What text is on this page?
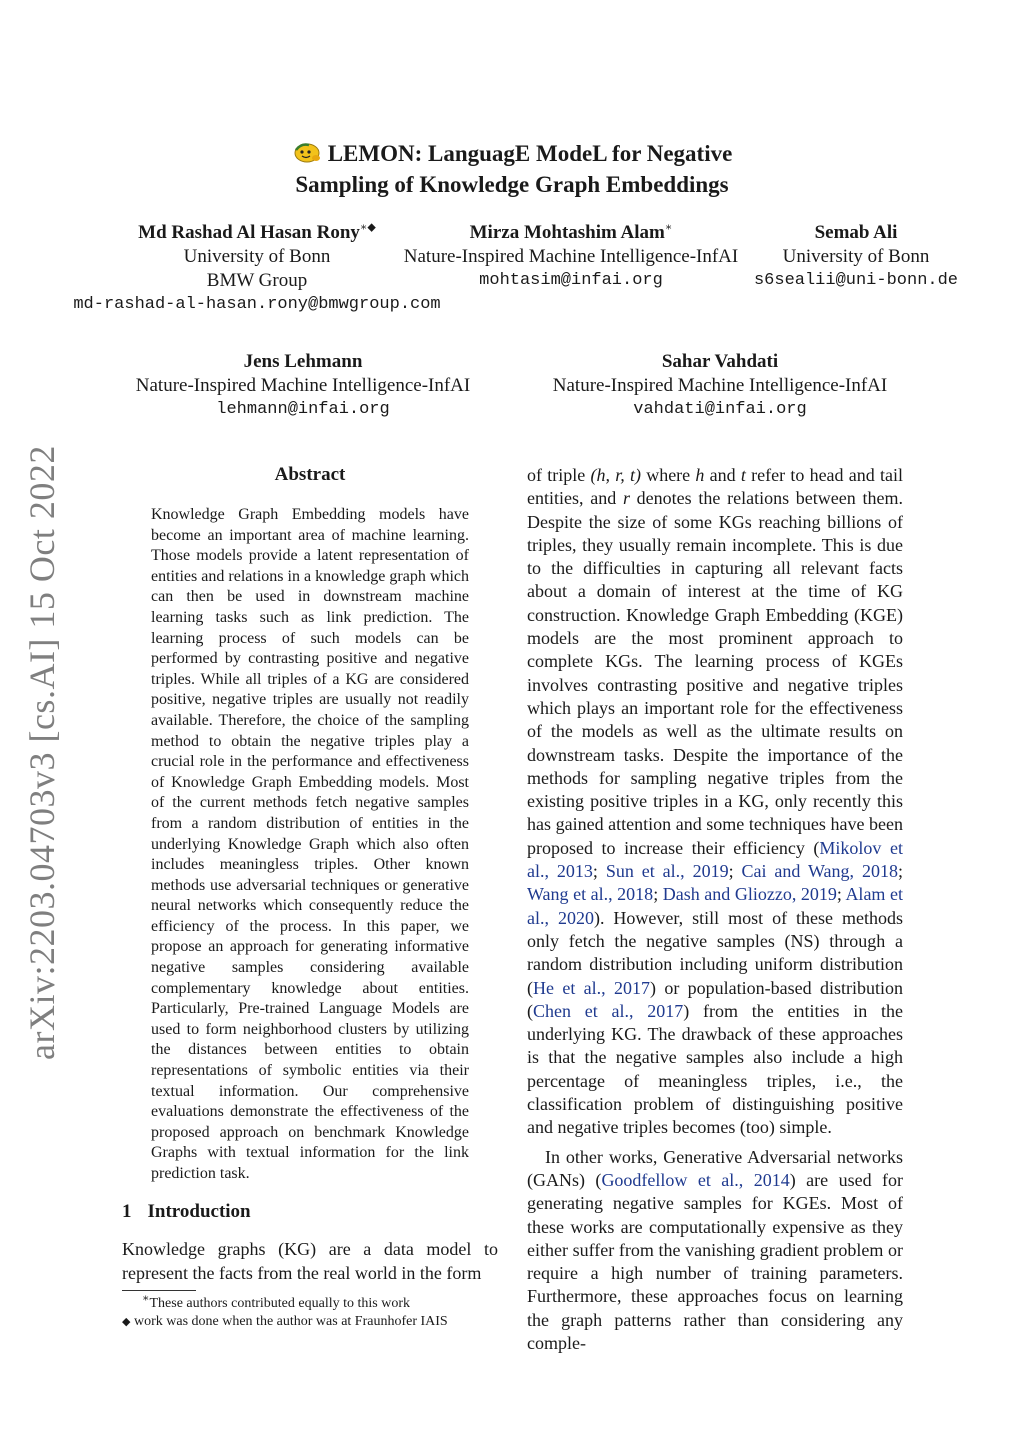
LEMON: LanguagE ModeL for Negative
Sampling of Knowledge Graph Embeddings
Md Rashad Al Hasan Rony∗◆
University of Bonn
BMW Group
md-rashad-al-hasan.rony@bmwgroup.com
Mirza Mohtashim Alam∗
Nature-Inspired Machine Intelligence-InfAI
mohtasim@infai.org
Semab Ali
University of Bonn
s6sealii@uni-bonn.de
Jens Lehmann
Nature-Inspired Machine Intelligence-InfAI
lehmann@infai.org
Sahar Vahdati
Nature-Inspired Machine Intelligence-InfAI
vahdati@infai.org
arXiv:2203.04703v3 [cs.AI] 15 Oct 2022	Abstract
Knowledge Graph Embedding models have become an important area of machine learning. Those models provide a latent representation of entities and relations in a knowledge graph which can then be used in downstream machine learning tasks such as link prediction. The learning process of such models can be performed by contrasting positive and negative triples. While all triples of a KG are considered positive, negative triples are usually not readily available. Therefore, the choice of the sampling method to obtain the negative triples play a crucial role in the performance and effectiveness of Knowledge Graph Embedding models. Most of the current methods fetch negative samples from a random distribution of entities in the underlying Knowledge Graph which also often includes meaningless triples. Other known methods use adversarial techniques or generative neural networks which consequently reduce the efficiency of the process. In this paper, we propose an approach for generating informative negative samples considering available complementary knowledge about entities. Particularly, Pre-trained Language Models are used to form neighborhood clusters by utilizing the distances between entities to obtain representations of symbolic entities via their textual information. Our comprehensive evaluations demonstrate the effectiveness of the proposed approach on benchmark Knowledge Graphs with textual information for the link prediction task.
1 Introduction
Knowledge graphs (KG) are a data model to represent the facts from the real world in the form
∗These authors contributed equally to this work
◆ work was done when the author was at Fraunhofer IAIS

of triple (h, r, t) where h and t refer to head and tail entities, and r denotes the relations between them. Despite the size of some KGs reaching billions of triples, they usually remain incomplete. This is due to the difficulties in capturing all relevant facts about a domain of interest at the time of KG construction. Knowledge Graph Embedding (KGE) models are the most prominent approach to complete KGs. The learning process of KGEs involves contrasting positive and negative triples which plays an important role for the effectiveness of the models as well as the ultimate results on downstream tasks. Despite the importance of the methods for sampling negative triples from the existing positive triples in a KG, only recently this has gained attention and some techniques have been proposed to increase their efficiency (Mikolov et al., 2013; Sun et al., 2019; Cai and Wang, 2018; Wang et al., 2018; Dash and Gliozzo, 2019; Alam et al., 2020). However, still most of these methods only fetch the negative samples (NS) through a random distribution including uniform distribution (He et al., 2017) or population-based distribution (Chen et al., 2017) from the entities in the underlying KG. The drawback of these approaches is that the negative samples also include a high percentage of meaningless triples, i.e., the classification problem of distinguishing positive and negative triples becomes (too) simple.

In other works, Generative Adversarial networks (GANs) (Goodfellow et al., 2014) are used for generating negative samples for KGEs. Most of these works are computationally expensive as they either suffer from the vanishing gradient problem or require a high number of training parameters. Furthermore, these approaches focus on learning the graph patterns rather than considering any comple-
